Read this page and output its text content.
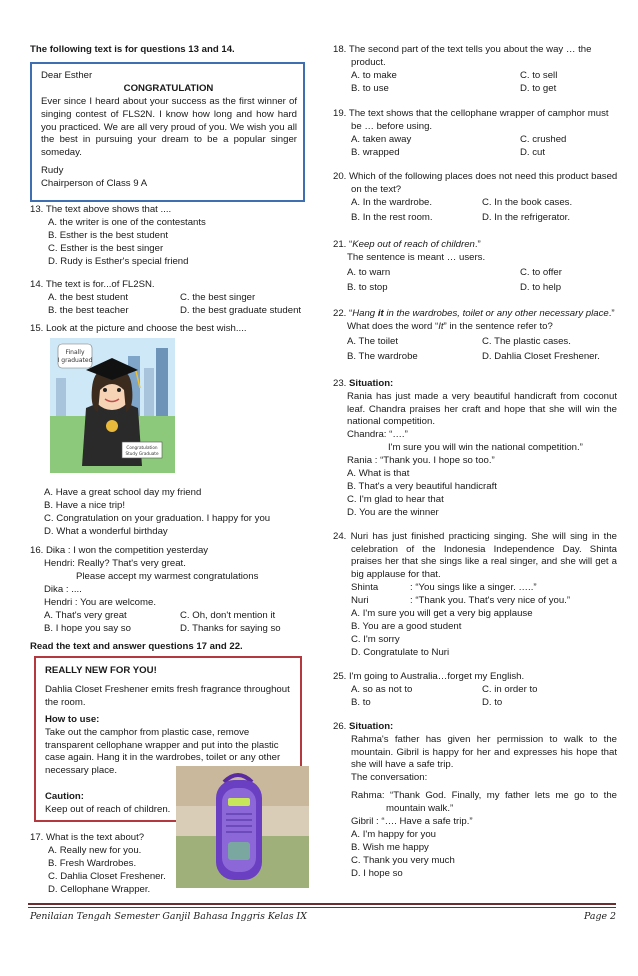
The following text is for questions 13 and 14.
Dear Esther
CONGRATULATION
Ever since I heard about your success as the first winner of singing contest of FLS2N. I know how long and how hard you practiced. We are all very proud of you. We wish you all the best in pursuing your dream to be a popular singer someday.
Rudy
Chairperson of Class 9 A
13. The text above shows that ....
A. the writer is one of the contestants
B. Esther is the best student
C. Esther is the best singer
D. Rudy is Esther's special friend
14. The text is for...of FL2SN.
A. the best student
B. the best teacher
C. the best singer
D. the best graduate student
15. Look at the picture and choose the best wish....
Finally
I graduated
Congratulation
Study Graduate
A. Have a great school day my friend
B. Have a nice trip!
C. Congratulation on your graduation. I happy for you
D. What a wonderful birthday
16. Dika : I won the competition yesterday
Hendri: Really? That's very great.
Please accept my warmest congratulations
Dika : ....
Hendri : You are welcome.
A. That's very great
B. I hope you say so
C. Oh, don't mention it
D. Thanks for saying so
Read the text and answer questions 17 and 22.
REALLY NEW FOR YOU!
Dahlia Closet Freshener emits fresh fragrance throughout the room.
How to use:
Take out the camphor from plastic case, remove transparent cellophane wrapper and put into the plastic case again. Hang it in the wardrobes, toilet or any other necessary place.
Caution:
Keep out of reach of children.
17. What is the text about?
A. Really new for you.
B. Fresh Wardrobes.
C. Dahlia Closet Freshener.
D. Cellophane Wrapper.
18. The second part of the text tells you about the way … the
product.
A. to make
B. to use
C. to sell
D. to get
19. The text shows that the cellophane wrapper of camphor must
be … before using.
A. taken away
B. wrapped
C. crushed
D. cut
20. Which of the following places does not need this product based
on the text?
A. In the wardrobe.
B. In the rest room.
C. In the book cases.
D. In the refrigerator.
21. “Keep out of reach of children.”
The sentence is meant … users.
A. to warn
B. to stop
C. to offer
D. to help
22. “Hang it in the wardrobes, toilet or any other necessary place.”
What does the word “It” in the sentence refer to?
A. The toilet
B. The wardrobe
C. The plastic cases.
D. Dahlia Closet Freshener.
23. Situation:
Rania has just made a very beautiful handicraft from coconut leaf. Chandra praises her craft and hope that she will win the national competition.
Chandra: “….”
I'm sure you will win the national competition.”
Rania : “Thank you. I hope so too.”
A. What is that
B. That's a very beautiful handicraft
C. I'm glad to hear that
D. You are the winner
24. Nuri has just finished practicing singing. She will sing in the celebration of the Indonesia Independence Day. Shinta praises her that she sings like a real singer, and she will get a big applause for that.
Shinta	: “You sings like a singer. …..”
Nuri	: “Thank you. That's very nice of you.”
A. I'm sure you will get a very big applause
B. You are a good student
C. I'm sorry
D. Congratulate to Nuri
25. I'm going to Australia…forget my English.
A. so as not to
B. to
C. in order to
D. to
26. Situation:
Rahma's father has given her permission to walk to the mountain. Gibril is happy for her and expresses his hope that she will have a safe trip.
The conversation:
Rahma: “Thank God. Finally, my father lets me go to the
mountain walk.”
Gibril : “…. Have a safe trip.”
A. I'm happy for you
B. Wish me happy
C. Thank you very much
D. I hope so
Penilaian Tengah Semester Ganjil Bahasa Inggris Kelas IX	Page 2
